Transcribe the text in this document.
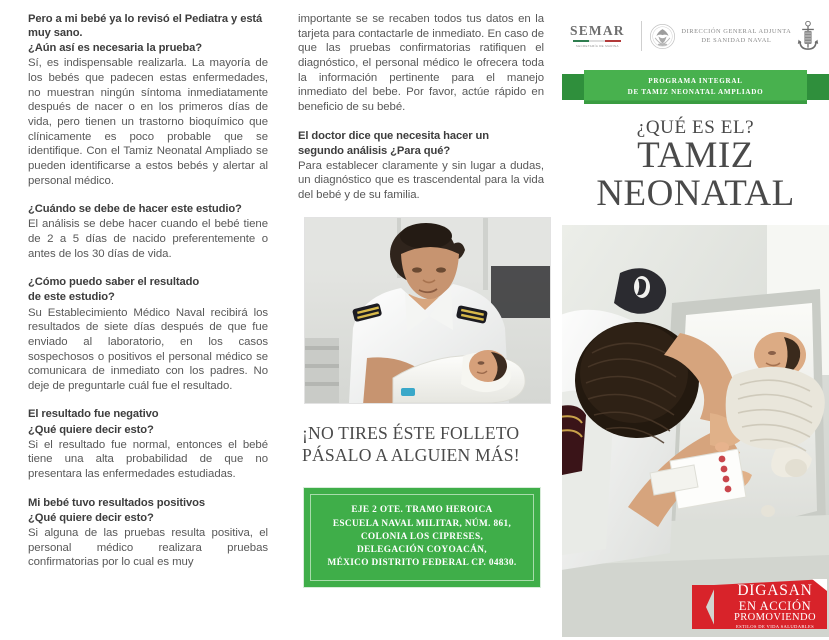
Pero a mi bebé ya lo revisó el Pediatra y está muy sano.
¿Aún así es necesaria la prueba?

Sí, es indispensable realizarla. La mayoría de los bebés que padecen estas enfermedades, no muestran ningún síntoma inmediatamente después de nacer o en los primeros días de vida, pero tienen un trastorno bioquímico que clínicamente es poco probable que se identifique. Con el Tamiz Neonatal Ampliado se pueden identificarse a estos bebés y alertar al personal médico.

¿Cuándo se debe de hacer este estudio?

El análisis se debe hacer cuando el bebé tiene de 2 a 5 días de nacido preferentemente o antes de los 30 días de vida.

¿Cómo puedo saber el resultado
de este estudio?

Su Establecimiento Médico Naval recibirá los resultados de siete días después de que fue enviado al laboratorio, en los casos sospechosos o positivos el personal médico se comunicara de inmediato con los padres. No deje de preguntarle cuál fue el resultado.

El resultado fue negativo
¿Qué quiere decir esto?

Si el resultado fue normal, entonces el bebé tiene una alta probabilidad de que no presentara las enfermedades estudiadas.

Mi bebé tuvo resultados positivos
¿Qué quiere decir esto?

Si alguna de las pruebas resulta positiva, el personal médico realizara pruebas confirmatorias por lo cual es muy

importante se se recaben todos tus datos en la tarjeta para contactarle de inmediato. En caso de que las pruebas confirmatorias ratifiquen el diagnóstico, el personal médico le ofrecera toda la información pertinente para el manejo inmediato del bebe. Por favor, actúe rápido en beneficio de su bebé.

El doctor dice que necesita hacer un
segundo análisis ¿Para qué?

Para establecer claramente y sin lugar a dudas, un diagnóstico que es trascendental para la vida del bebé y de su familia.

¡NO TIRES ÉSTE FOLLETO
PÁSALO A ALGUIEN MÁS!
EJE 2 OTE. TRAMO HEROICA
ESCUELA NAVAL MILITAR, NÚM. 861,
COLONIA LOS CIPRESES,
DELEGACIÓN COYOACÁN,
MÉXICO DISTRITO FEDERAL CP. 04830.
SEMAR
SECRETARÍA DE MARINA
DIRECCIÓN GENERAL ADJUNTA
DE SANIDAD NAVAL
PROGRAMA INTEGRAL
DE TAMIZ NEONATAL AMPLIADO
¿QUÉ ES EL?
TAMIZ
NEONATAL
DIGASAN
EN ACCIÓN
PROMOVIENDO
ESTILOS DE VIDA SALUDABLES
